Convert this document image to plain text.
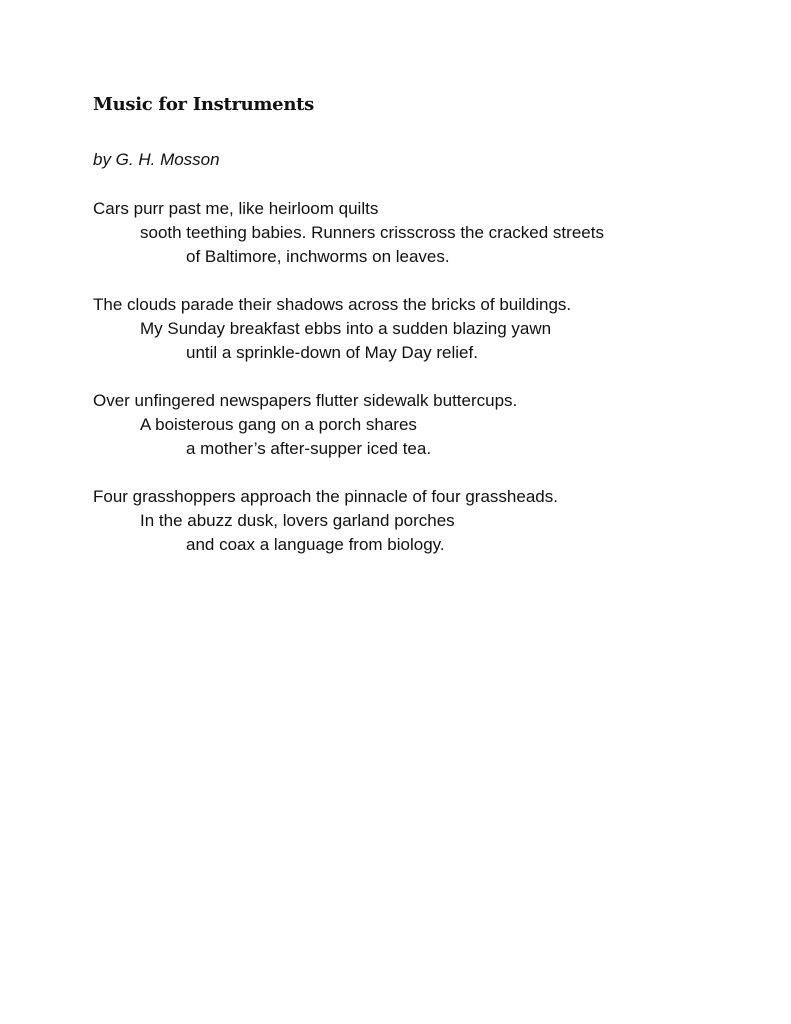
Music for Instruments
by G. H. Mosson
Cars purr past me, like heirloom quilts
sooth teething babies. Runners crisscross the cracked streets
of Baltimore, inchworms on leaves.
The clouds parade their shadows across the bricks of buildings.
My Sunday breakfast ebbs into a sudden blazing yawn
until a sprinkle-down of May Day relief.
Over unfingered newspapers flutter sidewalk buttercups.
A boisterous gang on a porch shares
a mother’s after-supper iced tea.
Four grasshoppers approach the pinnacle of four grassheads.
In the abuzz dusk, lovers garland porches
and coax a language from biology.
